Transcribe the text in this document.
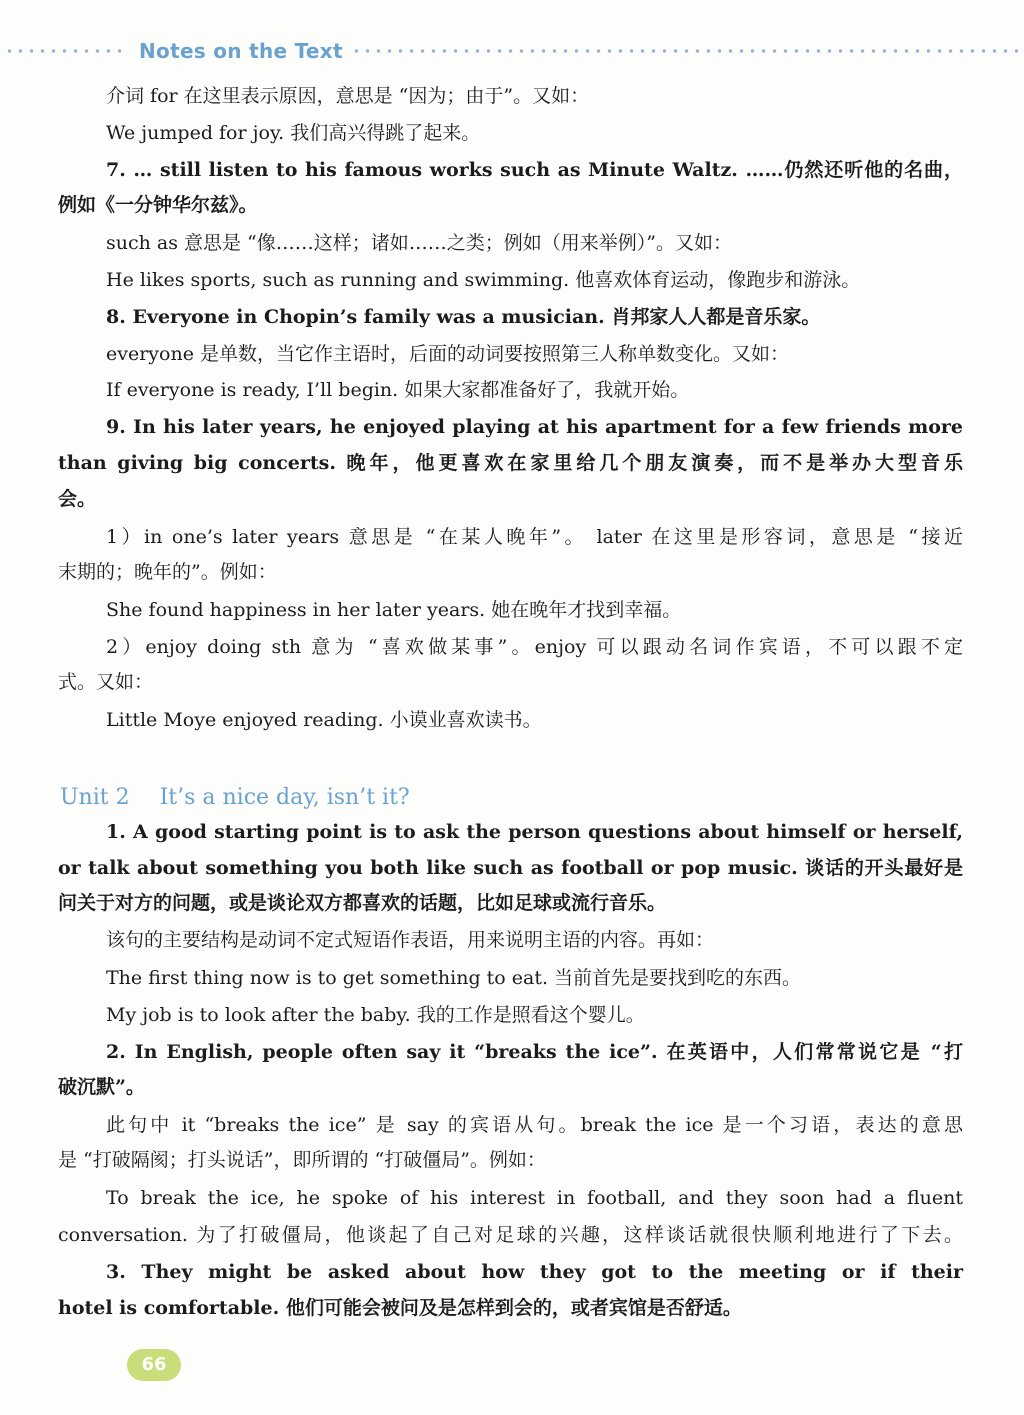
Notes on the Text
介词 for 在这里表示原因，意思是 “因为；由于”。又如：
We jumped for joy. 我们高兴得跳了起来。
7. … still listen to his famous works such as Minute Waltz. ……仍然还听他的名曲，
例如《一分钟华尔兹》。
such as 意思是 “像……这样；诸如……之类；例如（用来举例）”。又如：
He likes sports, such as running and swimming. 他喜欢体育运动，像跑步和游泳。
8. Everyone in Chopin’s family was a musician. 肖邦家人人都是音乐家。
everyone 是单数，当它作主语时，后面的动词要按照第三人称单数变化。又如：
If everyone is ready, I’ll begin. 如果大家都准备好了，我就开始。
9. In his later years, he enjoyed playing at his apartment for a few friends more
than giving big concerts. 晚年，他更喜欢在家里给几个朋友演奏，而不是举办大型音乐
会。
1）in one’s later years 意思是 “在某人晚年”。 later 在这里是形容词，意思是 “接近
末期的；晚年的”。例如：
She found happiness in her later years. 她在晚年才找到幸福。
2）enjoy doing sth 意为 “喜欢做某事”。enjoy 可以跟动名词作宾语，不可以跟不定
式。又如：
Little Moye enjoyed reading. 小谟业喜欢读书。
Unit 2 It’s a nice day, isn’t it?
1. A good starting point is to ask the person questions about himself or herself,
or talk about something you both like such as football or pop music. 谈话的开头最好是
问关于对方的问题，或是谈论双方都喜欢的话题，比如足球或流行音乐。
该句的主要结构是动词不定式短语作表语，用来说明主语的内容。再如：
The first thing now is to get something to eat. 当前首先是要找到吃的东西。
My job is to look after the baby. 我的工作是照看这个婴儿。
2. In English, people often say it “breaks the ice”. 在英语中，人们常常说它是 “打
破沉默”。
此句中 it “breaks the ice” 是 say 的宾语从句。break the ice 是一个习语，表达的意思
是 “打破隔阂；打头说话”，即所谓的 “打破僵局”。例如：
To break the ice, he spoke of his interest in football, and they soon had a fluent
conversation. 为了打破僵局，他谈起了自己对足球的兴趣，这样谈话就很快顺利地进行了下去。
3. They might be asked about how they got to the meeting or if their
hotel is comfortable. 他们可能会被问及是怎样到会的，或者宾馆是否舒适。
66
